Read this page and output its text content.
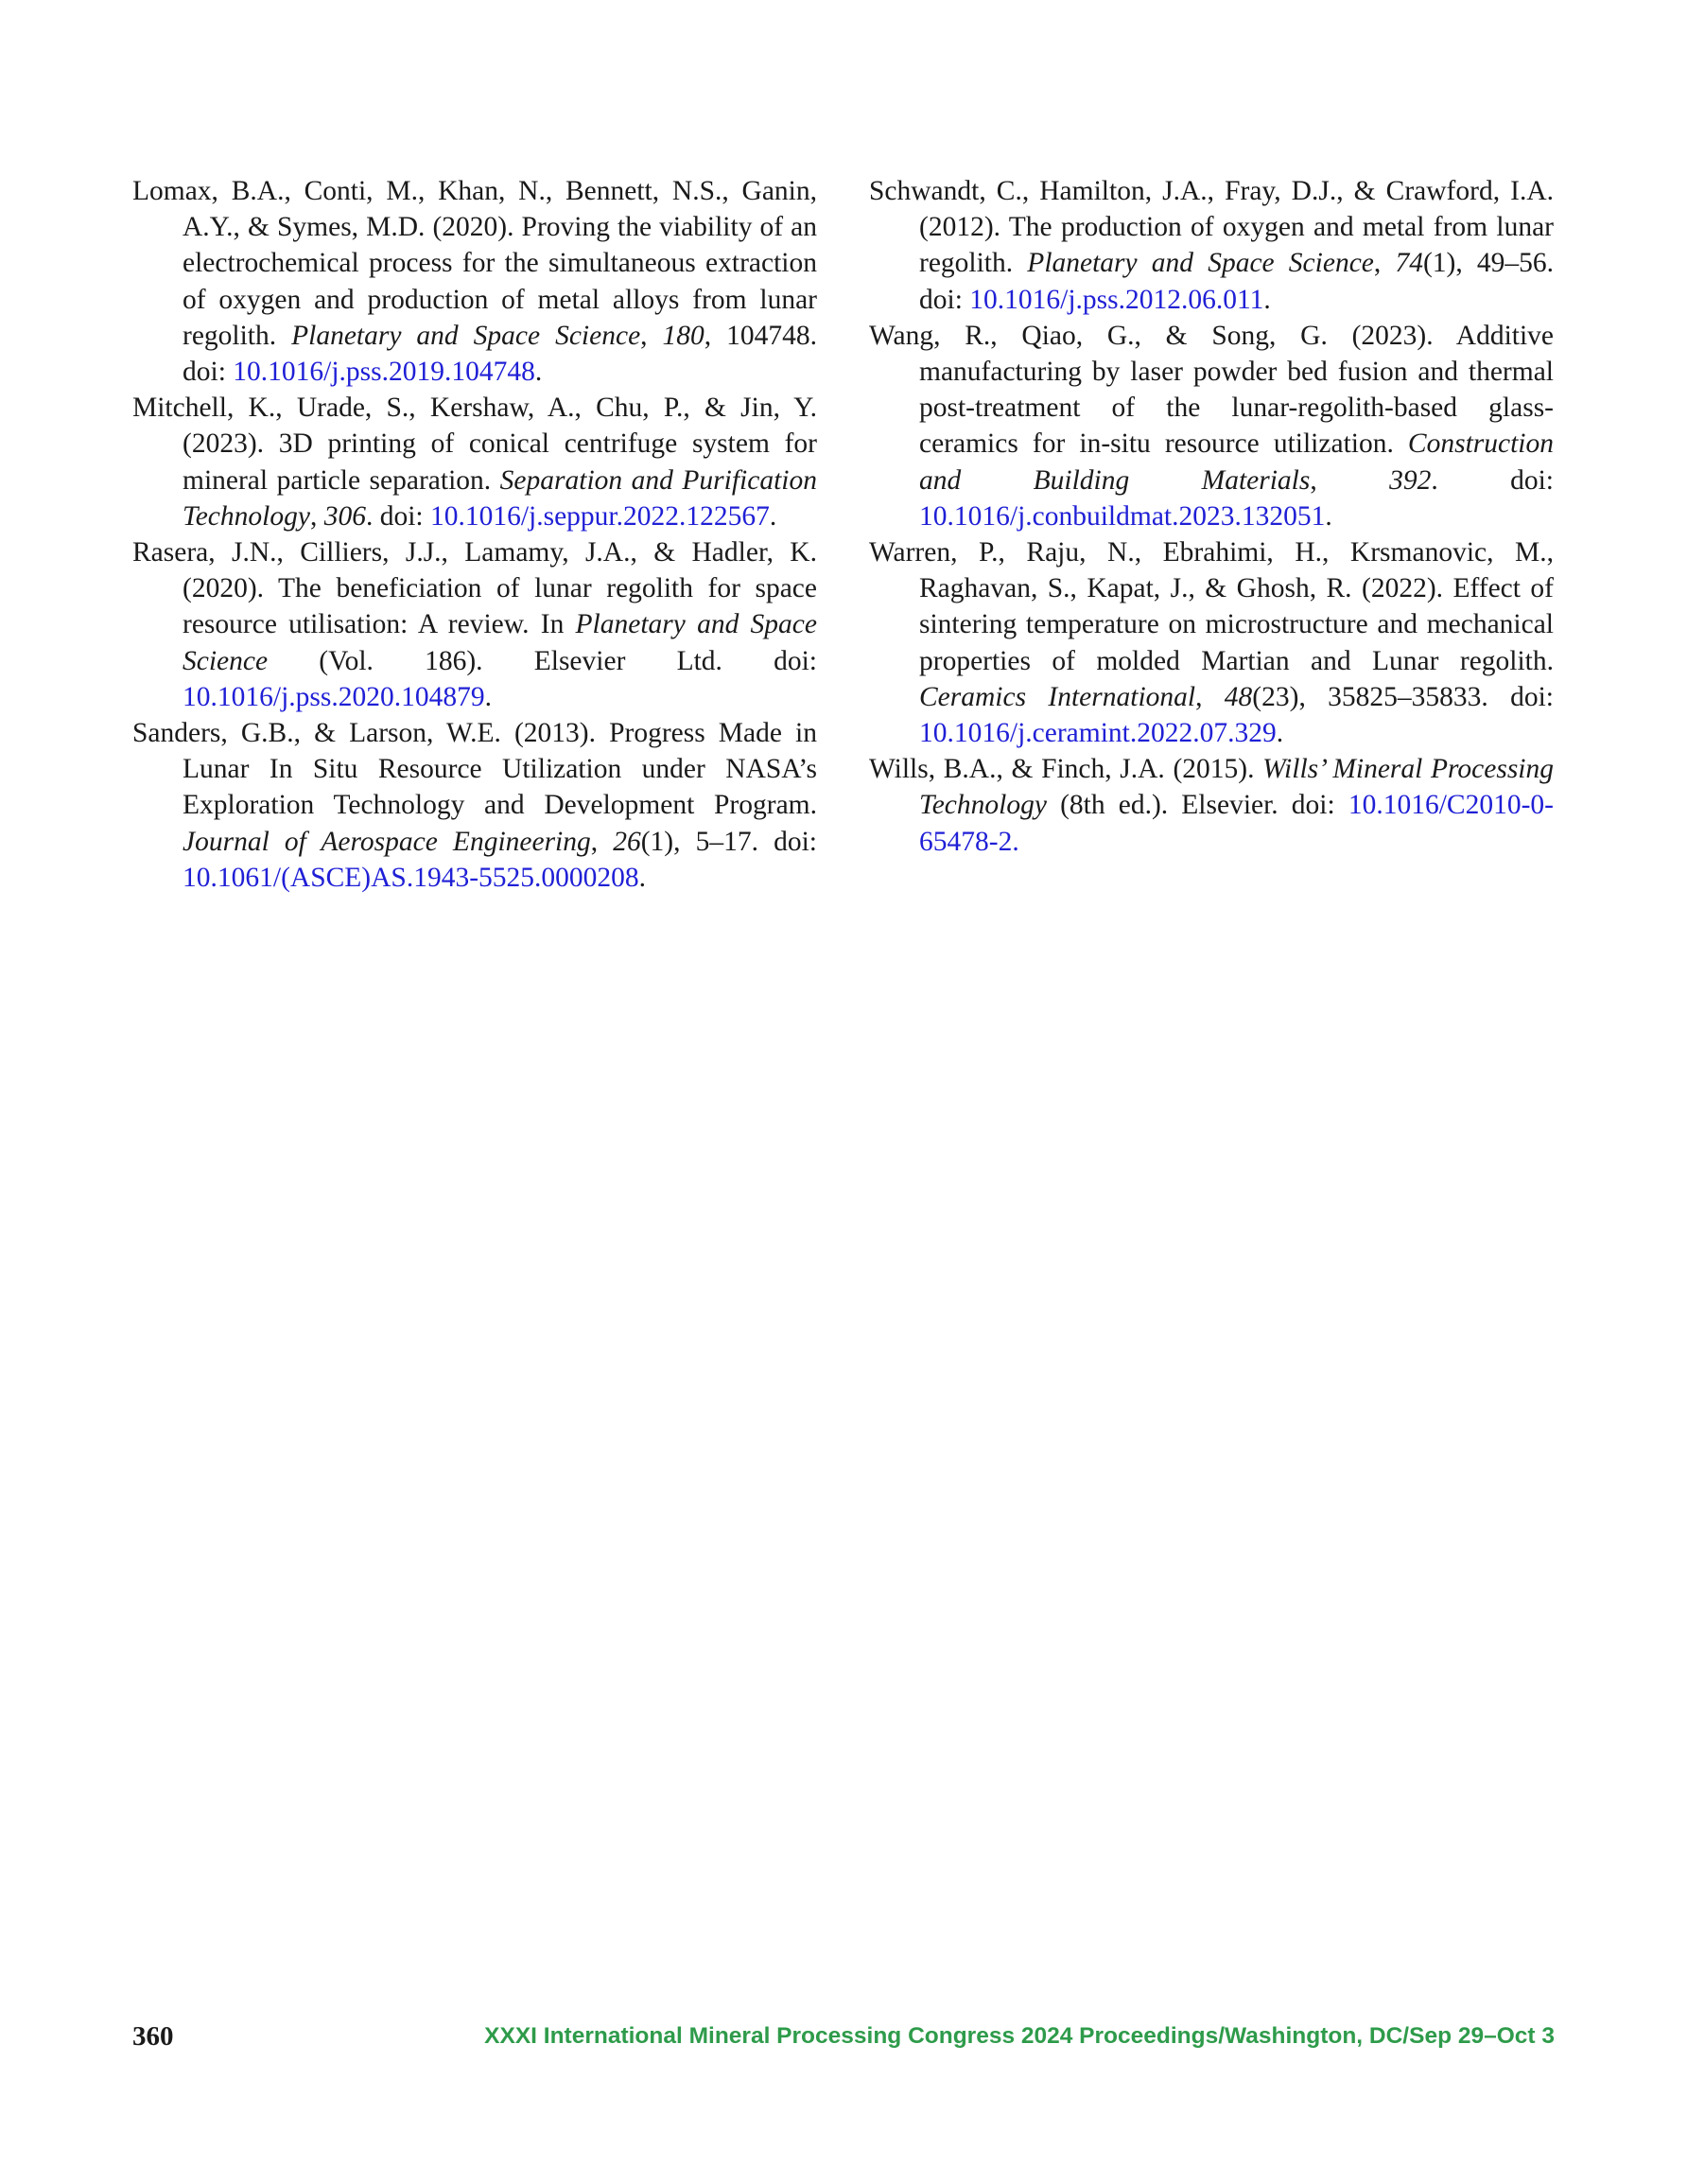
Lomax, B.A., Conti, M., Khan, N., Bennett, N.S., Ganin, A.Y., & Symes, M.D. (2020). Proving the viability of an electrochemical process for the simultaneous extraction of oxygen and production of metal alloys from lunar regolith. Planetary and Space Science, 180, 104748. doi: 10.1016/j.pss.2019.104748.

Mitchell, K., Urade, S., Kershaw, A., Chu, P., & Jin, Y. (2023). 3D printing of conical centrifuge system for mineral particle separation. Separation and Purification Technology, 306. doi: 10.1016/j.seppur.2022.122567.

Rasera, J.N., Cilliers, J.J., Lamamy, J.A., & Hadler, K. (2020). The beneficiation of lunar regolith for space resource utilisation: A review. In Planetary and Space Science (Vol. 186). Elsevier Ltd. doi: 10.1016/j.pss.2020.104879.

Sanders, G.B., & Larson, W.E. (2013). Progress Made in Lunar In Situ Resource Utilization under NASA’s Exploration Technology and Development Program. Journal of Aerospace Engineering, 26(1), 5–17. doi: 10.1061/(ASCE)AS.1943-5525.0000208.

Schwandt, C., Hamilton, J.A., Fray, D.J., & Crawford, I.A. (2012). The production of oxygen and metal from lunar regolith. Planetary and Space Science, 74(1), 49–56. doi: 10.1016/j.pss.2012.06.011.

Wang, R., Qiao, G., & Song, G. (2023). Additive manufacturing by laser powder bed fusion and thermal post-treatment of the lunar-regolith-based glass-ceramics for in-situ resource utilization. Construction and Building Materials, 392. doi: 10.1016/j.conbuildmat.2023.132051.

Warren, P., Raju, N., Ebrahimi, H., Krsmanovic, M., Raghavan, S., Kapat, J., & Ghosh, R. (2022). Effect of sintering temperature on microstructure and mechanical properties of molded Martian and Lunar regolith. Ceramics International, 48(23), 35825–35833. doi: 10.1016/j.ceramint.2022.07.329.

Wills, B.A., & Finch, J.A. (2015). Wills’ Mineral Processing Technology (8th ed.). Elsevier. doi: 10.1016/C2010-0-65478-2.

360	XXXI International Mineral Processing Congress 2024 Proceedings/Washington, DC/Sep 29–Oct 3
